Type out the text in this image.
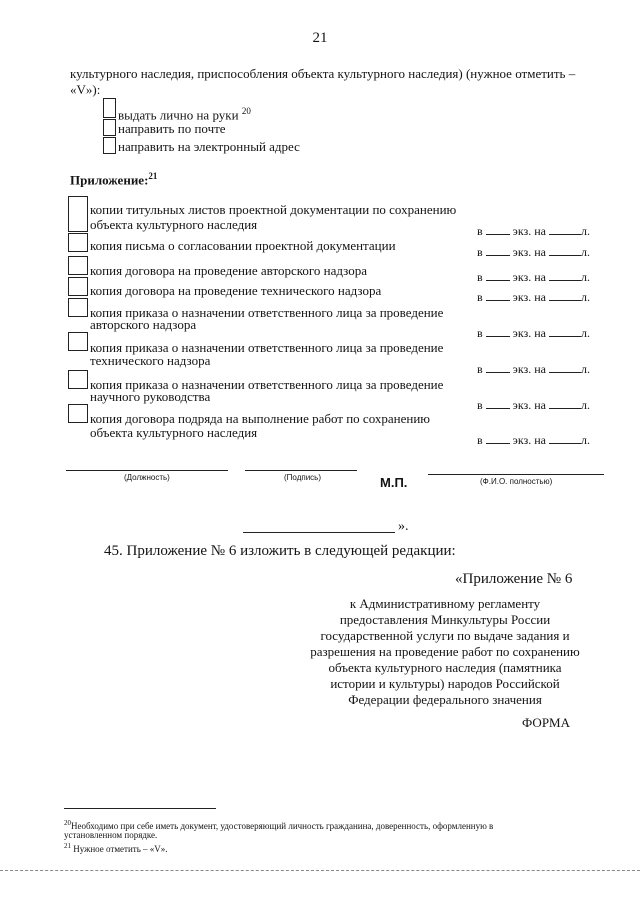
21
культурного наследия, приспособления объекта культурного наследия) (нужное отметить –
«V»):
выдать лично на руки $^{20}$
направить по почте
направить на электронный адрес
Приложение:$^{21}$
копии титульных листов проектной документации по сохранению
объекта культурного наследия	в	экз. на	л.
копия письма о согласовании проектной документации	в	экз. на	л.
копия договора на проведение авторского надзора	в	экз. на	л.
копия договора на проведение технического надзора	в	экз. на	л.
копия приказа о назначении ответственного лица за проведение
авторского надзора
в	экз. на	л.
копия приказа о назначении ответственного лица за проведение
технического надзора
в	экз. на	л.
копия приказа о назначении ответственного лица за проведение
научного руководства
в	экз. на	л.
копия договора подряда на выполнение работ по сохранению
объекта культурного наследия	в	экз. на	л.
(Должность)	(Подпись)	М.П.	(Ф.И.О. полностью)
».
45. Приложение № 6 изложить в следующей редакции:
«Приложение № 6
к Административному регламенту
предоставления Минкультуры России
государственной услуги по выдаче задания и
разрешения на проведение работ по сохранению
объекта культурного наследия (памятника
истории и культуры) народов Российской
Федерации федерального значения
ФОРМА
$^{20}$Необходимо при себе иметь документ, удостоверяющий личность гражданина, доверенность, оформленную в
установленном порядке.
$^{21}$ Нужное отметить – «V».
